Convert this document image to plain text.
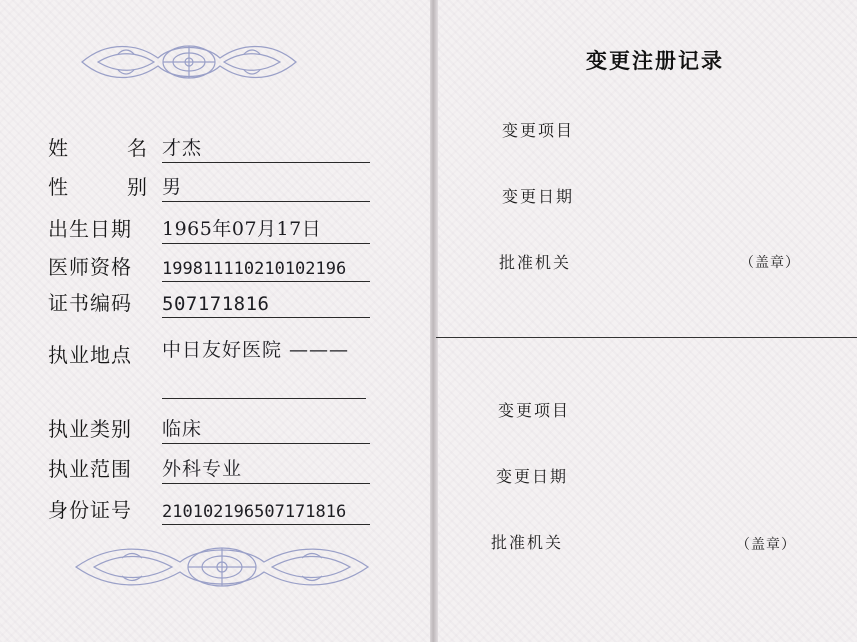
姓	名 才杰
性	别 男
出生日期	1965年07月17日
医师资格	199811110210102196
证书编码	507171816
执业地点	中日友好医院 ———
执业类别	临床
执业范围	外科专业
身份证号	210102196507171816
变更注册记录
变更项目
变更日期
批准机关	（盖章）
变更项目
变更日期
批准机关	（盖章）
